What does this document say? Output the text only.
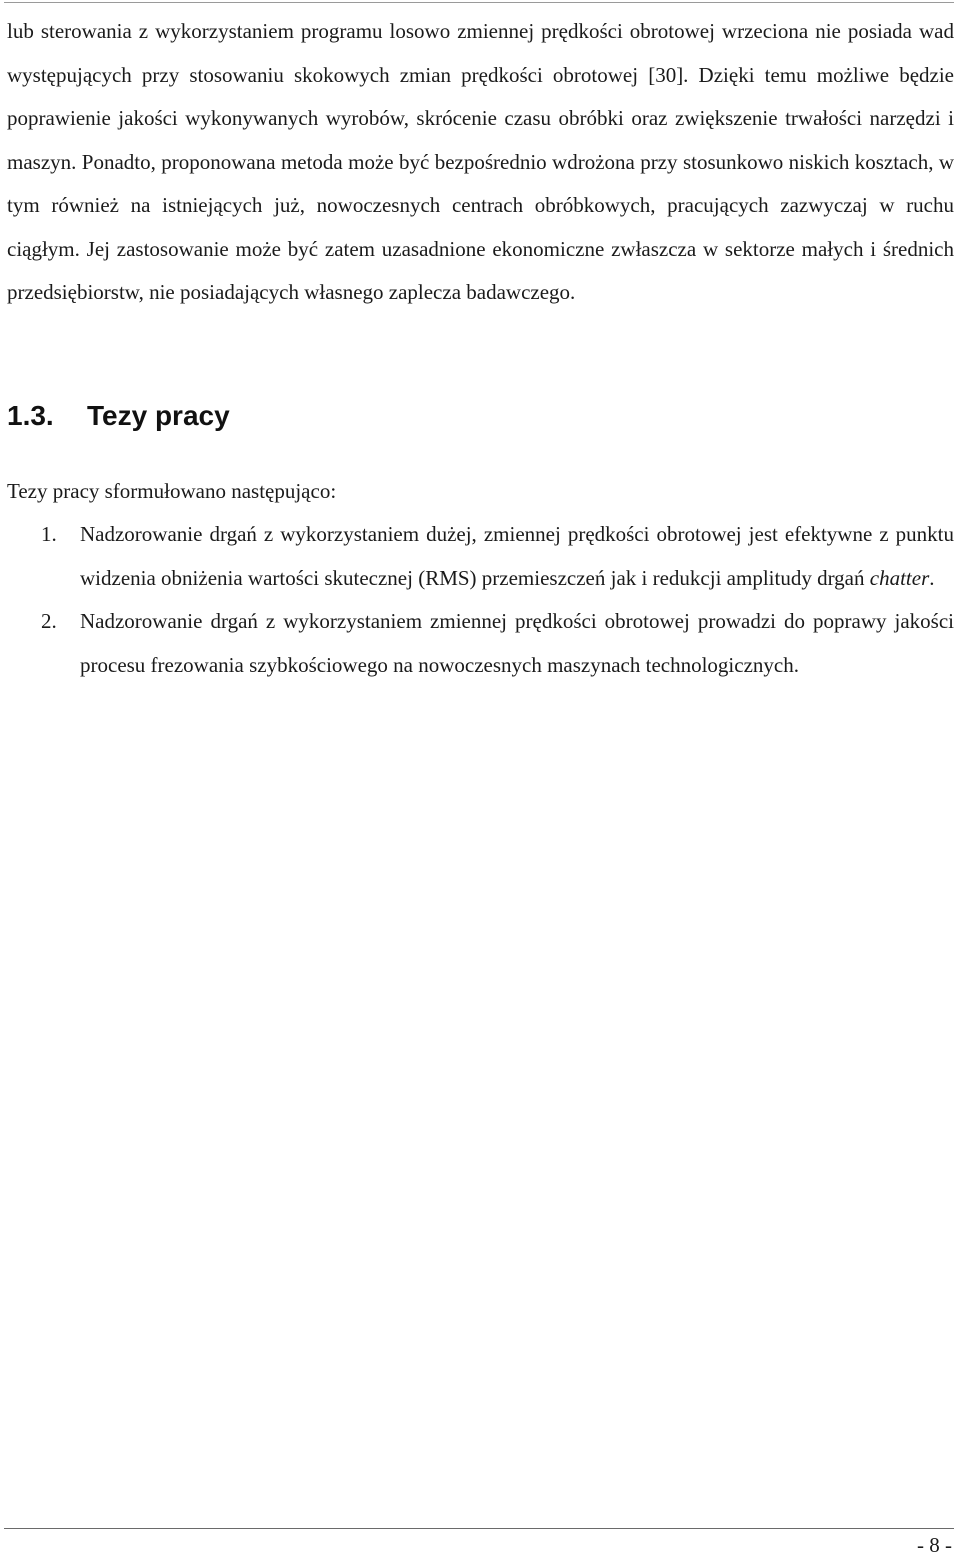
lub sterowania z wykorzystaniem programu losowo zmiennej prędkości obrotowej wrzeciona nie posiada wad występujących przy stosowaniu skokowych zmian prędkości obrotowej [30]. Dzięki temu możliwe będzie poprawienie jakości wykonywanych wyrobów, skrócenie czasu obróbki oraz zwiększenie trwałości narzędzi i maszyn. Ponadto, proponowana metoda może być bezpośrednio wdrożona przy stosunkowo niskich kosztach, w tym również na istniejących już, nowoczesnych centrach obróbkowych, pracujących zazwyczaj w ruchu ciągłym. Jej zastosowanie może być zatem uzasadnione ekonomiczne zwłaszcza w sektorze małych i średnich przedsiębiorstw, nie posiadających własnego zaplecza badawczego.

1.3. Tezy pracy

Tezy pracy sformułowano następująco:

1. Nadzorowanie drgań z wykorzystaniem dużej, zmiennej prędkości obrotowej jest efektywne z punktu widzenia obniżenia wartości skutecznej (RMS) przemieszczeń jak i redukcji amplitudy drgań chatter.
2. Nadzorowanie drgań z wykorzystaniem zmiennej prędkości obrotowej prowadzi do poprawy jakości procesu frezowania szybkościowego na nowoczesnych maszynach technologicznych.

- 8 -
